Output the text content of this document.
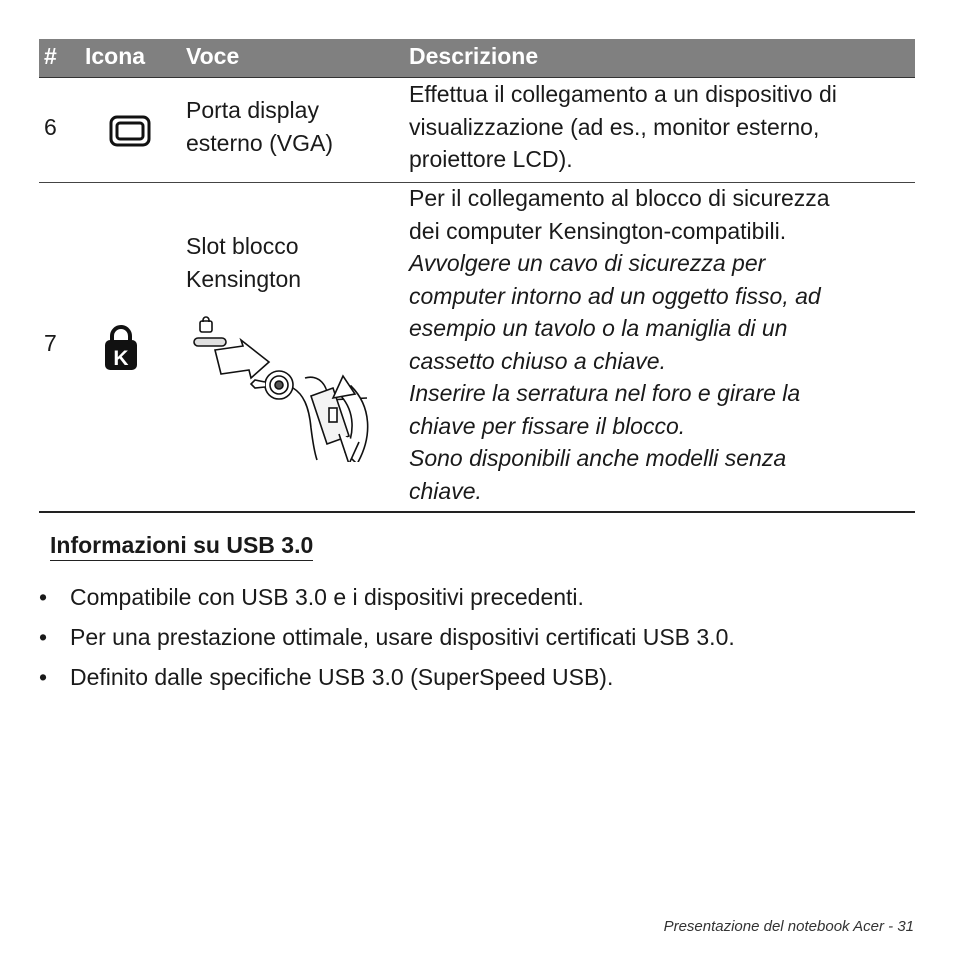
# Icona Voce	Descrizione
6
Porta display
esterno (VGA)
Effettua il collegamento a un dispositivo di
visualizzazione (ad es., monitor esterno,
proiettore LCD).
7
K
Slot blocco
Kensington
Per il collegamento al blocco di sicurezza
dei computer Kensington-compatibili.
Avvolgere un cavo di sicurezza per
computer intorno ad un oggetto fisso, ad
esempio un tavolo o la maniglia di un
cassetto chiuso a chiave.
Inserire la serratura nel foro e girare la
chiave per fissare il blocco.
Sono disponibili anche modelli senza
chiave.
Informazioni su USB 3.0
• Compatibile con USB 3.0 e i dispositivi precedenti.
• Per una prestazione ottimale, usare dispositivi certificati USB 3.0.
• Definito dalle specifiche USB 3.0 (SuperSpeed USB).
Presentazione del notebook Acer - 31
